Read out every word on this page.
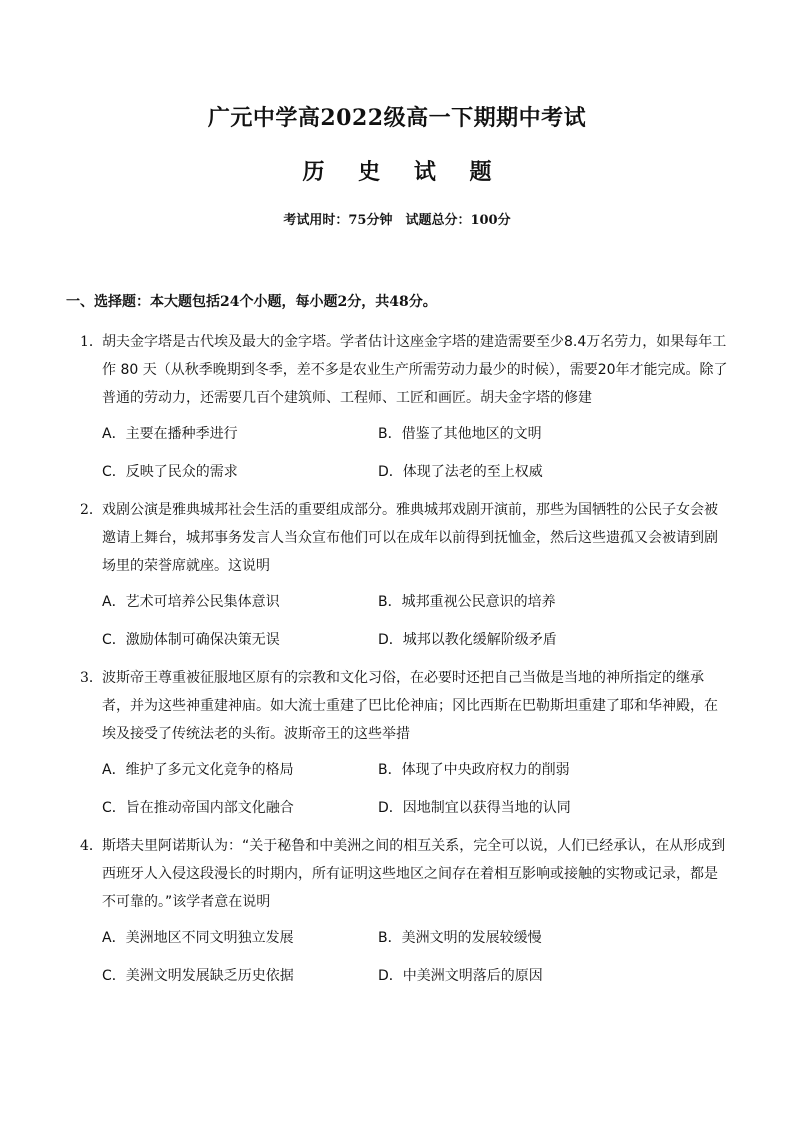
广元中学高2022级高一下期期中考试
历 史 试 题
考试用时：75分钟　试题总分：100分
一、选择题：本大题包括24个小题，每小题2分，共48分。
1． 胡夫金字塔是古代埃及最大的金字塔。学者估计这座金字塔的建造需要至少8.4万名劳力，如果每年工作 80 天（从秋季晚期到冬季，差不多是农业生产所需劳动力最少的时候），需要20年才能完成。除了普通的劳动力，还需要几百个建筑师、工程师、工匠和画匠。胡夫金字塔的修建
A．主要在播种季进行	B．借鉴了其他地区的文明
C．反映了民众的需求	D．体现了法老的至上权威
2． 戏剧公演是雅典城邦社会生活的重要组成部分。雅典城邦戏剧开演前，那些为国牺牲的公民子女会被邀请上舞台，城邦事务发言人当众宣布他们可以在成年以前得到抚恤金，然后这些遗孤又会被请到剧场里的荣誉席就座。这说明
A．艺术可培养公民集体意识	B．城邦重视公民意识的培养
C．激励体制可确保决策无误	D．城邦以教化缓解阶级矛盾
3． 波斯帝王尊重被征服地区原有的宗教和文化习俗，在必要时还把自己当做是当地的神所指定的继承者，并为这些神重建神庙。如大流士重建了巴比伦神庙；冈比西斯在巴勒斯坦重建了耶和华神殿，在埃及接受了传统法老的头衔。波斯帝王的这些举措
A．维护了多元文化竞争的格局	B．体现了中央政府权力的削弱
C．旨在推动帝国内部文化融合	D．因地制宜以获得当地的认同
4． 斯塔夫里阿诺斯认为：“关于秘鲁和中美洲之间的相互关系，完全可以说，人们已经承认，在从形成到西班牙人入侵这段漫长的时期内，所有证明这些地区之间存在着相互影响或接触的实物或记录，都是不可靠的。”该学者意在说明
A．美洲地区不同文明独立发展	B．美洲文明的发展较缓慢
C．美洲文明发展缺乏历史依据	D．中美洲文明落后的原因
